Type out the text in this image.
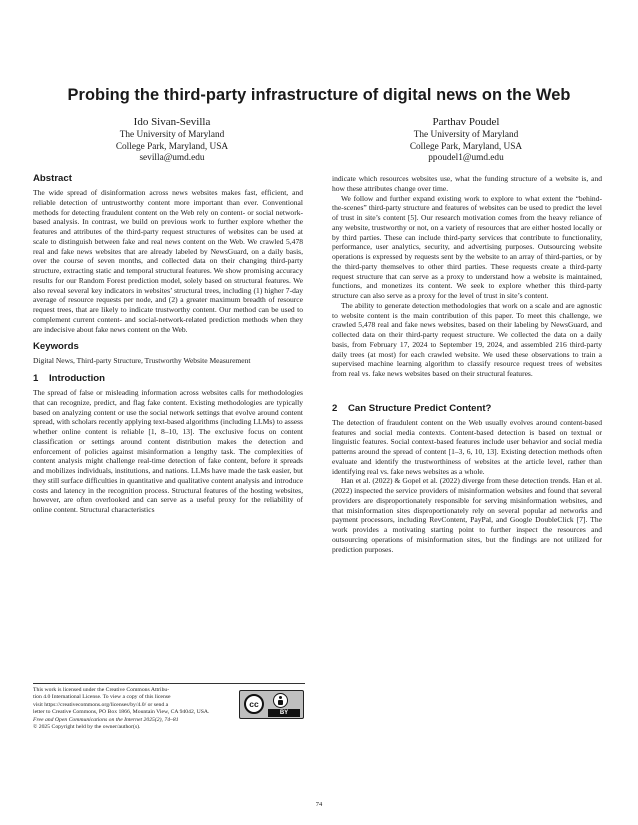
Probing the third-party infrastructure of digital news on the Web
Ido Sivan-Sevilla
The University of Maryland
College Park, Maryland, USA
sevilla@umd.edu
Parthav Poudel
The University of Maryland
College Park, Maryland, USA
ppoudel1@umd.edu
Abstract

The wide spread of disinformation across news websites makes fast, efficient, and reliable detection of untrustworthy content more important than ever. Conventional methods for detecting fraudulent content on the Web rely on content- or social network-based analysis. In contrast, we build on previous work to further explore whether the features and attributes of the third-party request structures of websites can be used at scale to distinguish between fake and real news content on the Web. We crawled 5,478 real and fake news websites that are already labeled by NewsGuard, on a daily basis, over the course of seven months, and collected data on their changing third-party structure, extracting static and temporal structural features. We show promising accuracy results for our Random Forest prediction model, solely based on structural features. We also reveal several key indicators in websites’ structural trees, including (1) higher 7-day average of resource requests per node, and (2) a greater maximum breadth of resource request trees, that are likely to indicate trustworthy content. Our method can be used to complement current content- and social-network-related prediction methods when they are indecisive about fake news content on the Web.

Keywords

Digital News, Third-party Structure, Trustworthy Website Measurement

1 Introduction

The spread of false or misleading information across websites calls for methodologies that can recognize, predict, and flag fake content. Existing methodologies are typically based on analyzing content or use the social network settings that evolve around content spread, with scholars recently applying text-based algorithms (including LLMs) to assess whether online content is reliable [1, 8–10, 13]. The exclusive focus on content classification or settings around content distribution makes the detection and enforcement of policies against misinformation a lengthy task. The complexities of content analysis might challenge real-time detection of fake content, before it spreads and mobilizes individuals, institutions, and nations. LLMs have made the task easier, but they still surface difficulties in quantitative and qualitative content analysis and introduce costs and latency in the recognition process. Structural features of the hosting websites, however, are often overlooked and can serve as a useful proxy for the reliability of online content. Structural characteristics

This work is licensed under the Creative Commons Attribu-
tion 4.0 International License. To view a copy of this license
visit https://creativecommons.org/licenses/by/4.0/ or send a
letter to Creative Commons, PO Box 1866, Mountain View, CA 94042, USA.
Free and Open Communications on the Internet 2025(2), 74–81
© 2025 Copyright held by the owner/author(s).
cc
BY

indicate which resources websites use, what the funding structure of a website is, and how these attributes change over time.

We follow and further expand existing work to explore to what extent the “behind-the-scenes” third-party structure and features of websites can be used to predict the level of trust in site’s content [5]. Our research motivation comes from the heavy reliance of any website, trustworthy or not, on a variety of resources that are either hosted locally or by third parties. These can include third-party services that contribute to functionality, performance, user analytics, security, and advertising purposes. Outsourcing website operations is expressed by requests sent by the website to an array of third-parties, or by the third-party themselves to other third parties. These requests create a third-party request structure that can serve as a proxy to understand how a website is maintained, functions, and monetizes its content. We seek to explore whether this third-party structure can also serve as a proxy for the level of trust in site’s content.

The ability to generate detection methodologies that work on a scale and are agnostic to website content is the main contribution of this paper. To meet this challenge, we crawled 5,478 real and fake news websites, based on their labeling by NewsGuard, and collected data on their third-party request structure. We collected the data on a daily basis, from February 17, 2024 to September 19, 2024, and assembled 216 third-party daily trees (at most) for each crawled website. We used these observations to train a supervised machine learning algorithm to classify resource request trees of websites from real vs. fake news websites based on their structural features.

2 Can Structure Predict Content?

The detection of fraudulent content on the Web usually evolves around content-based features and social media contexts. Content-based detection is based on textual or linguistic features. Social context-based features include user behavior and social media patterns around the spread of content [1–3, 6, 10, 13]. Existing detection methods often evaluate and identify the trustworthiness of websites at the article level, rather than identifying real vs. fake news websites as a whole.

Han et al. (2022) & Gopel et al. (2022) diverge from these detection trends. Han et al. (2022) inspected the service providers of misinformation websites and found that several providers are disproportionately responsible for serving misinformation websites, and that misinformation sites disproportionately rely on several popular ad networks and payment processors, including RevContent, PayPal, and Google DoubleClick [7]. The work provides a motivating starting point to further inspect the resources and outsourcing operations of misinformation sites, but the findings are not utilized for prediction purposes.

74
